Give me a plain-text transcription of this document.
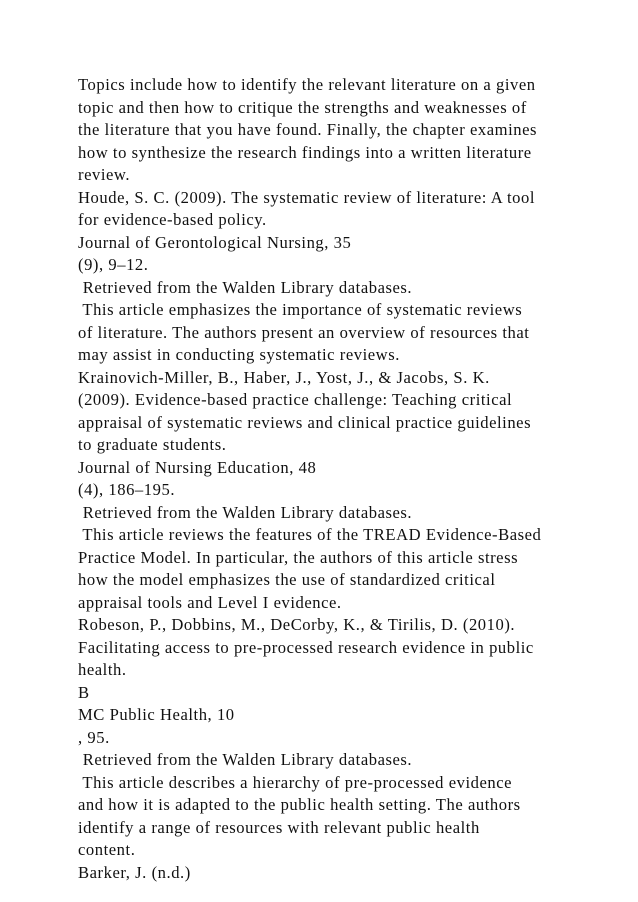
Topics include how to identify the relevant literature on a given
topic and then how to critique the strengths and weaknesses of
the literature that you have found. Finally, the chapter examines
how to synthesize the research findings into a written literature
review.
Houde, S. C. (2009). The systematic review of literature: A tool
for evidence-based policy.
Journal of Gerontological Nursing, 35
(9), 9–12.
Retrieved from the Walden Library databases.
This article emphasizes the importance of systematic reviews
of literature. The authors present an overview of resources that
may assist in conducting systematic reviews.
Krainovich-Miller, B., Haber, J., Yost, J., & Jacobs, S. K.
(2009). Evidence-based practice challenge: Teaching critical
appraisal of systematic reviews and clinical practice guidelines
to graduate students.
Journal of Nursing Education, 48
(4), 186–195.
Retrieved from the Walden Library databases.
This article reviews the features of the TREAD Evidence-Based
Practice Model. In particular, the authors of this article stress
how the model emphasizes the use of standardized critical
appraisal tools and Level I evidence.
Robeson, P., Dobbins, M., DeCorby, K., & Tirilis, D. (2010).
Facilitating access to pre-processed research evidence in public
health.
B
MC Public Health, 10
, 95.
Retrieved from the Walden Library databases.
This article describes a hierarchy of pre-processed evidence
and how it is adapted to the public health setting. The authors
identify a range of resources with relevant public health
content.
Barker, J. (n.d.)
